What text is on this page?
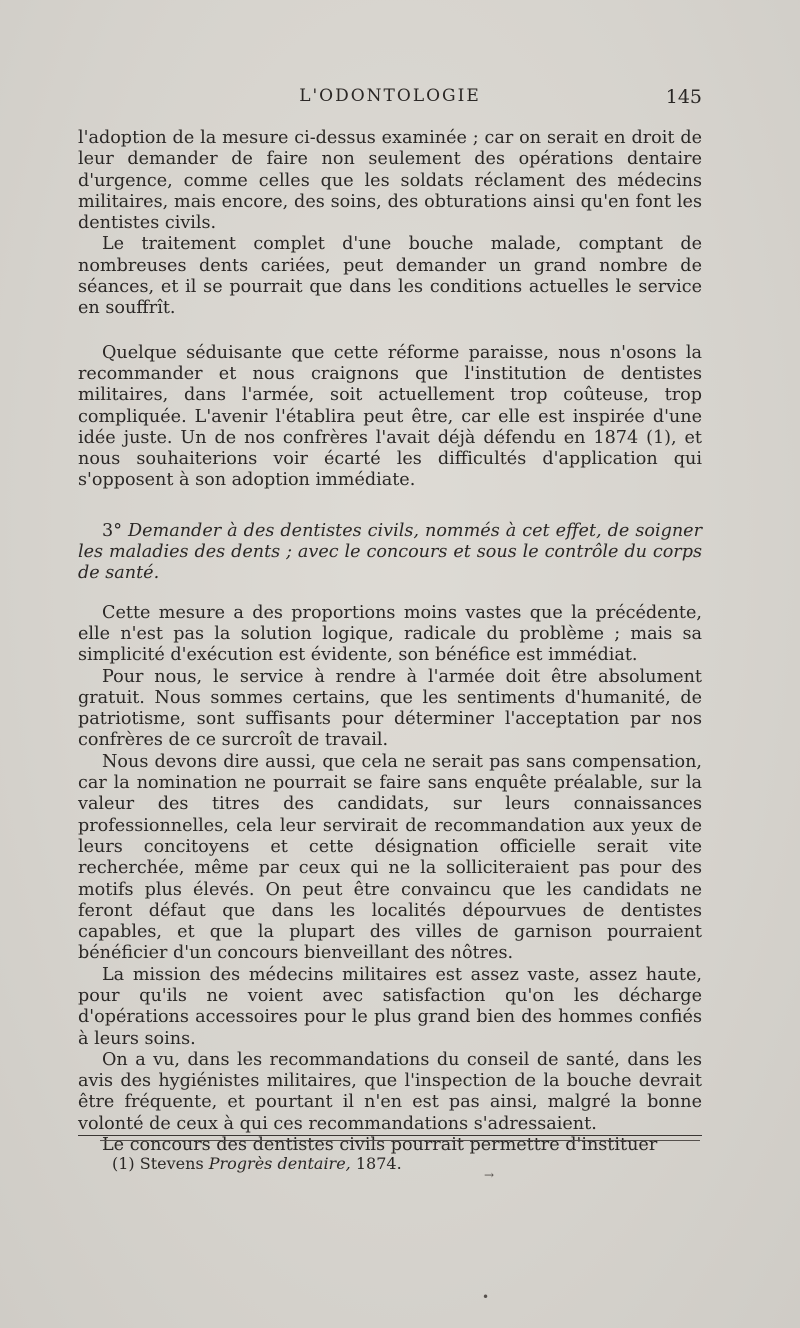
L'ODONTOLOGIE	145

l'adoption de la mesure ci-dessus examinée ; car on serait en droit de leur demander de faire non seulement des opérations dentaire d'urgence, comme celles que les soldats réclament des médecins militaires, mais encore, des soins, des obturations ainsi qu'en font les dentistes civils.

Le traitement complet d'une bouche malade, comptant de nombreuses dents cariées, peut demander un grand nombre de séances, et il se pourrait que dans les conditions actuelles le service en souffrît.

Quelque séduisante que cette réforme paraisse, nous n'osons la recommander et nous craignons que l'institution de dentistes militaires, dans l'armée, soit actuellement trop coûteuse, trop compliquée. L'avenir l'établira peut être, car elle est inspirée d'une idée juste. Un de nos confrères l'avait déjà défendu en 1874 (1), et nous souhaiterions voir écarté les difficultés d'application qui s'opposent à son adoption immédiate.

3° Demander à des dentistes civils, nommés à cet effet, de soigner les maladies des dents ; avec le concours et sous le contrôle du corps de santé.

Cette mesure a des proportions moins vastes que la précédente, elle n'est pas la solution logique, radicale du problème ; mais sa simplicité d'exécution est évidente, son bénéfice est immédiat.

Pour nous, le service à rendre à l'armée doit être absolument gratuit. Nous sommes certains, que les sentiments d'humanité, de patriotisme, sont suffisants pour déterminer l'acceptation par nos confrères de ce surcroît de travail.

Nous devons dire aussi, que cela ne serait pas sans compensation, car la nomination ne pourrait se faire sans enquête préalable, sur la valeur des titres des candidats, sur leurs connaissances professionnelles, cela leur servirait de recommandation aux yeux de leurs concitoyens et cette désignation officielle serait vite recherchée, même par ceux qui ne la solliciteraient pas pour des motifs plus élevés. On peut être convaincu que les candidats ne feront défaut que dans les localités dépourvues de dentistes capables, et que la plupart des villes de garnison pourraient bénéficier d'un concours bienveillant des nôtres.

La mission des médecins militaires est assez vaste, assez haute, pour qu'ils ne voient avec satisfaction qu'on les décharge d'opérations accessoires pour le plus grand bien des hommes confiés à leurs soins.

On a vu, dans les recommandations du conseil de santé, dans les avis des hygiénistes militaires, que l'inspection de la bouche devrait être fréquente, et pourtant il n'en est pas ainsi, malgré la bonne volonté de ceux à qui ces recommandations s'adressaient.

Le concours des dentistes civils pourrait permettre d'instituer

(1) Stevens Progrès dentaire, 1874.
→
•
